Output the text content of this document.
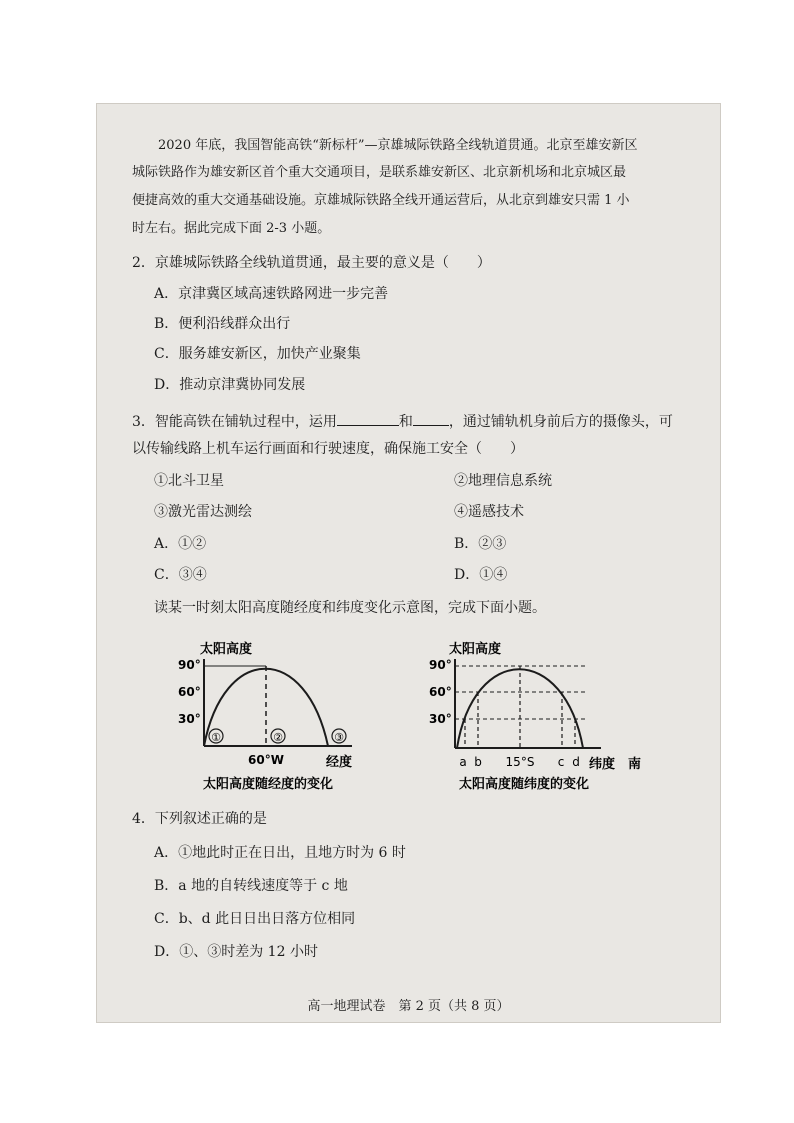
2020 年底，我国智能高铁“新标杆”—京雄城际铁路全线轨道贯通。北京至雄安新区
城际铁路作为雄安新区首个重大交通项目，是联系雄安新区、北京新机场和北京城区最
便捷高效的重大交通基础设施。京雄城际铁路全线开通运营后，从北京到雄安只需 1 小
时左右。据此完成下面 2-3 小题。
2．京雄城际铁路全线轨道贯通，最主要的意义是（　　）
A．京津冀区域高速铁路网进一步完善
B．便利沿线群众出行
C．服务雄安新区，加快产业聚集
D．推动京津冀协同发展
3．智能高铁在铺轨过程中，运用	和	，通过铺轨机身前后方的摄像头，可
以传输线路上机车运行画面和行驶速度，确保施工安全（　　）
①北斗卫星	②地理信息系统
③激光雷达测绘	④遥感技术
A．①②	B．②③
C．③④	D．①④
读某一时刻太阳高度随经度和纬度变化示意图，完成下面小题。
太阳高度
90°
60°
30°
①	②	③
60°W	经度
太阳高度随经度的变化
太阳高度
90°
60°
30°
a b 15°S c d 纬度 南
太阳高度随纬度的变化
4．下列叙述正确的是
A．①地此时正在日出，且地方时为 6 时
B．a 地的自转线速度等于 c 地
C．b、d 此日日出日落方位相同
D．①、③时差为 12 小时
高一地理试卷　第 2 页（共 8 页）
